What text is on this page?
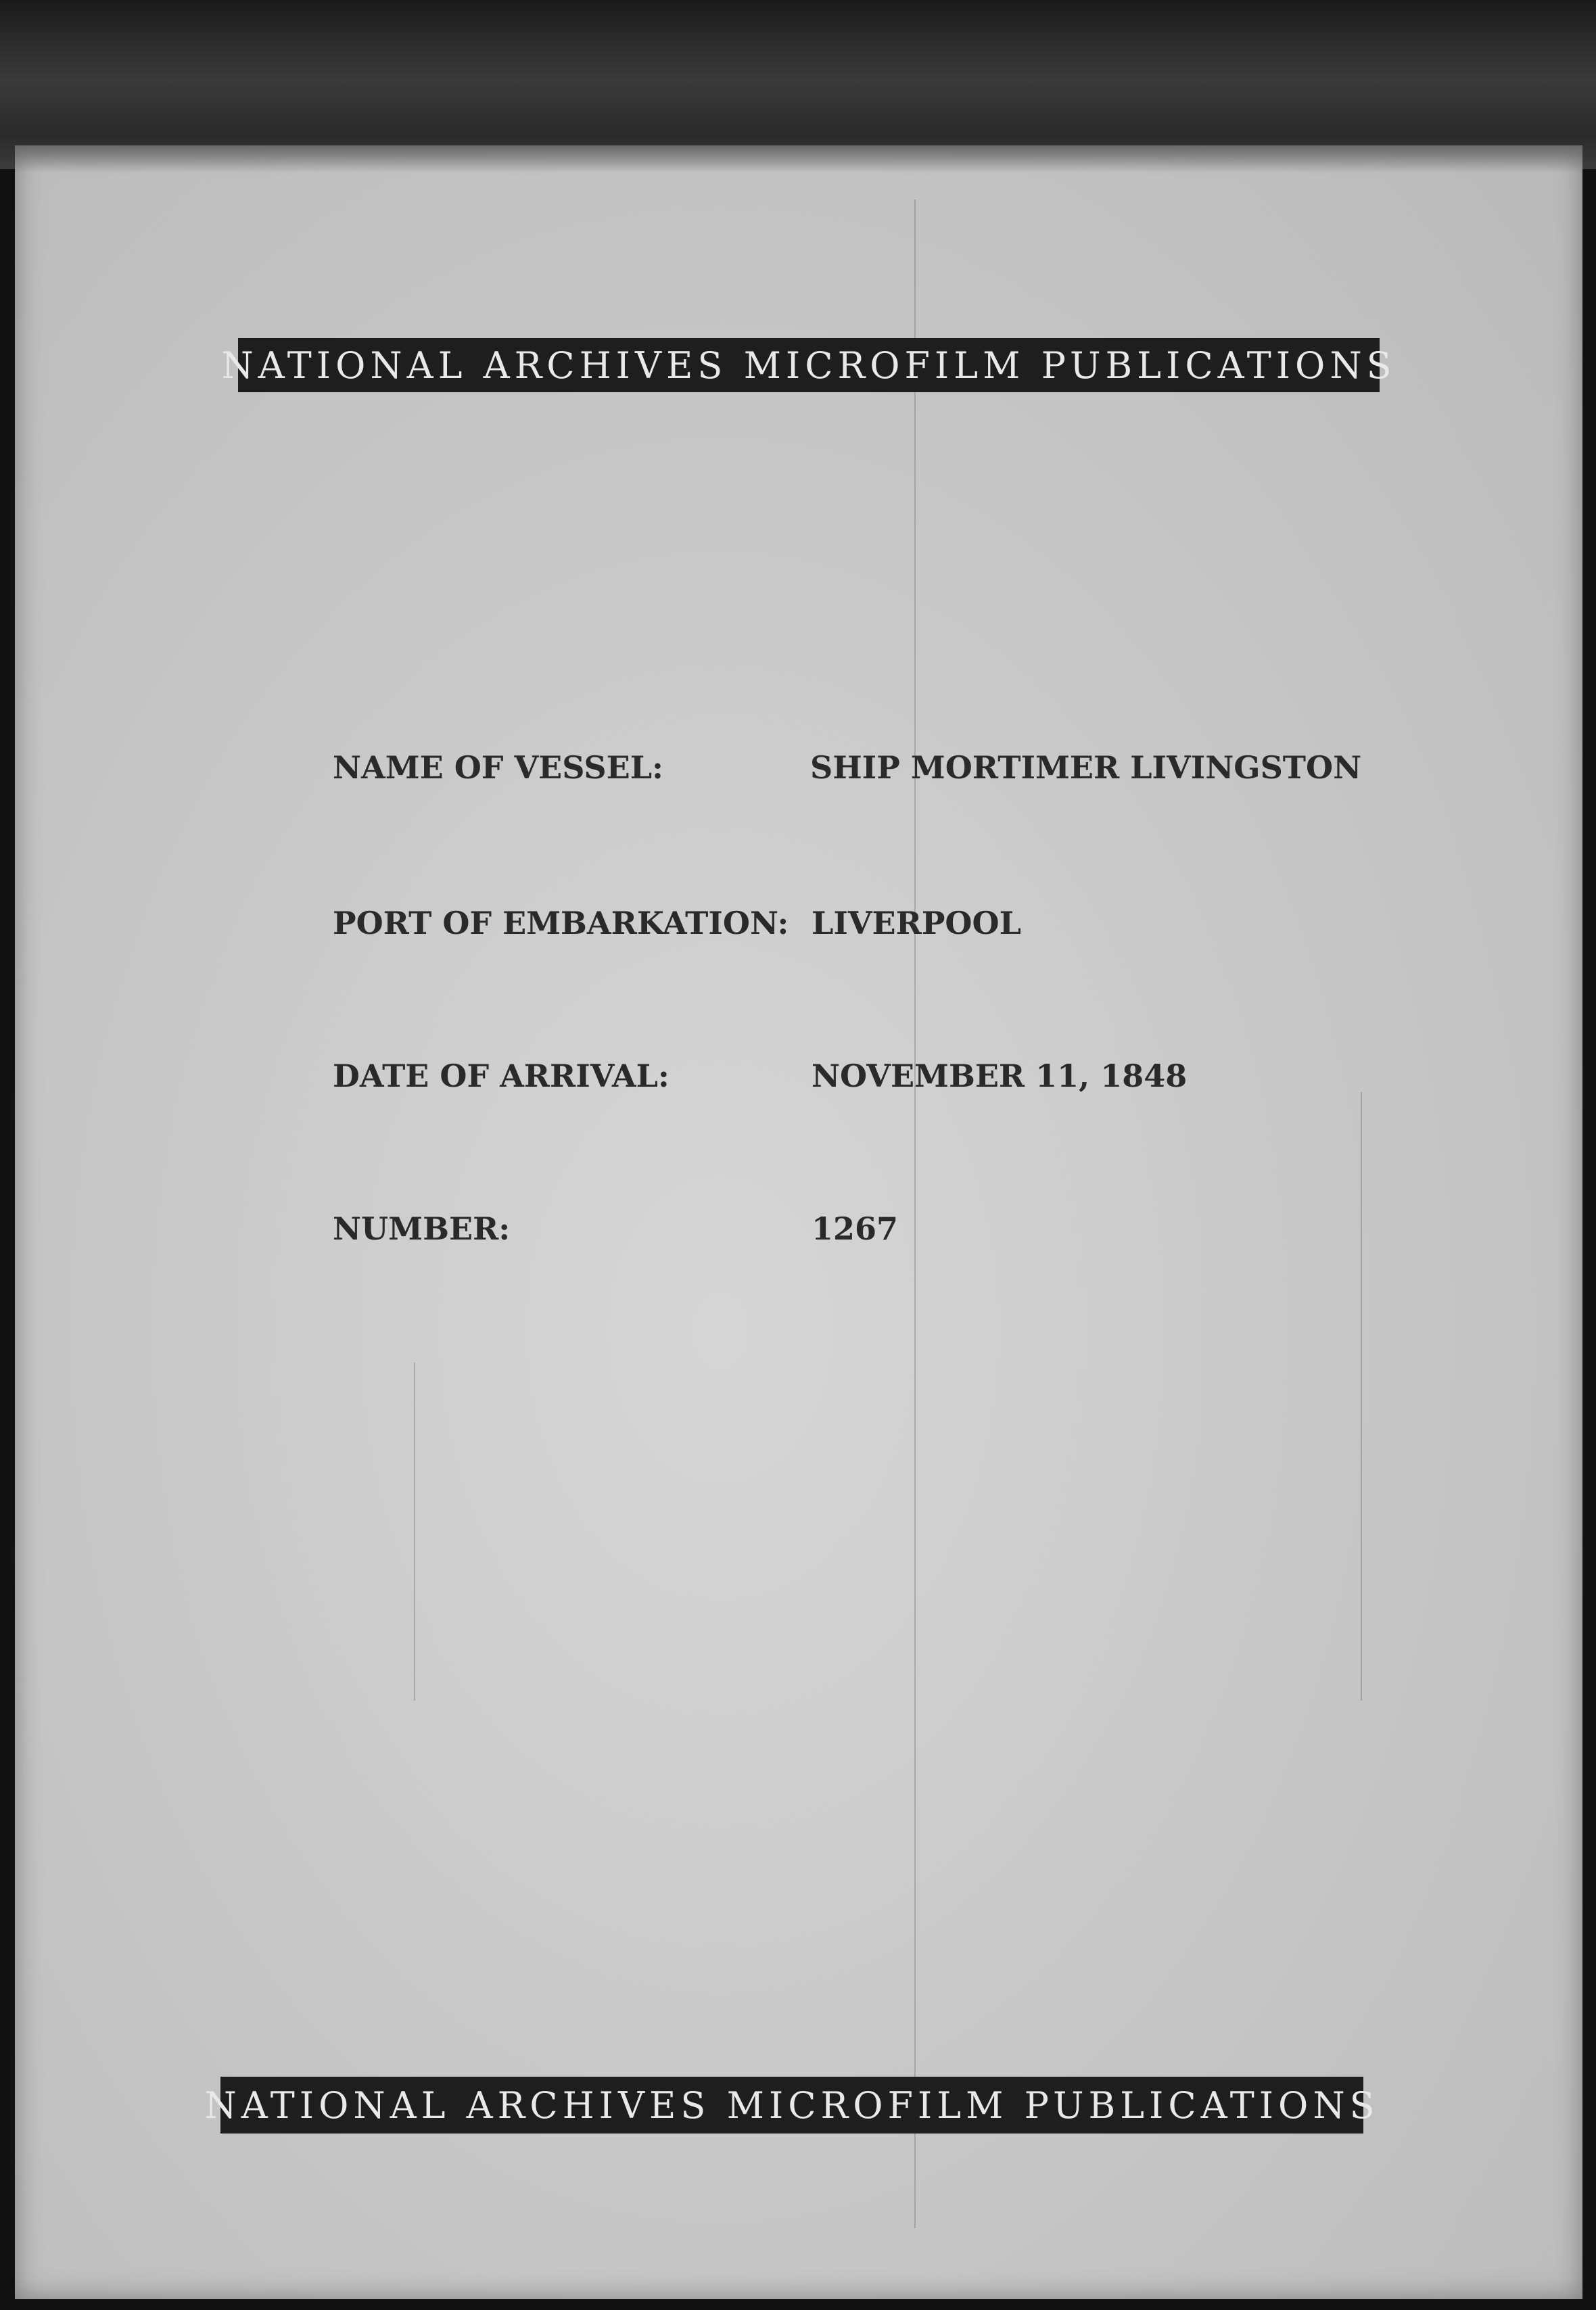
NATIONAL ARCHIVES MICROFILM PUBLICATIONS
NAME OF VESSEL:	SHIP MORTIMER LIVINGSTON
PORT OF EMBARKATION: LIVERPOOL
DATE OF ARRIVAL:	NOVEMBER 11, 1848
NUMBER:	1267
NATIONAL ARCHIVES MICROFILM PUBLICATIONS
